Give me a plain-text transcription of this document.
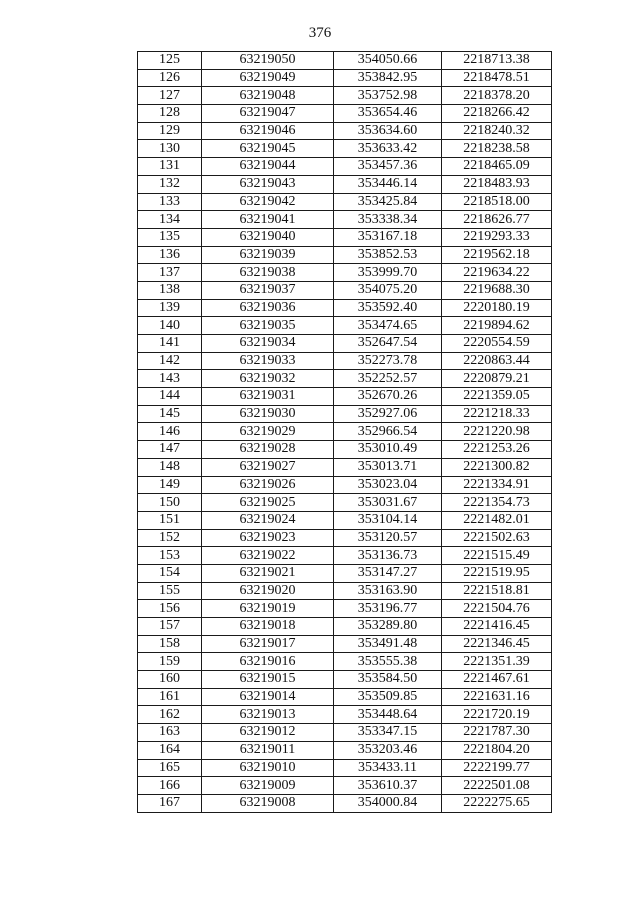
376
125	63219050	354050.66	2218713.38
126	63219049	353842.95	2218478.51
127	63219048	353752.98	2218378.20
128	63219047	353654.46	2218266.42
129	63219046	353634.60	2218240.32
130	63219045	353633.42	2218238.58
131	63219044	353457.36	2218465.09
132	63219043	353446.14	2218483.93
133	63219042	353425.84	2218518.00
134	63219041	353338.34	2218626.77
135	63219040	353167.18	2219293.33
136	63219039	353852.53	2219562.18
137	63219038	353999.70	2219634.22
138	63219037	354075.20	2219688.30
139	63219036	353592.40	2220180.19
140	63219035	353474.65	2219894.62
141	63219034	352647.54	2220554.59
142	63219033	352273.78	2220863.44
143	63219032	352252.57	2220879.21
144	63219031	352670.26	2221359.05
145	63219030	352927.06	2221218.33
146	63219029	352966.54	2221220.98
147	63219028	353010.49	2221253.26
148	63219027	353013.71	2221300.82
149	63219026	353023.04	2221334.91
150	63219025	353031.67	2221354.73
151	63219024	353104.14	2221482.01
152	63219023	353120.57	2221502.63
153	63219022	353136.73	2221515.49
154	63219021	353147.27	2221519.95
155	63219020	353163.90	2221518.81
156	63219019	353196.77	2221504.76
157	63219018	353289.80	2221416.45
158	63219017	353491.48	2221346.45
159	63219016	353555.38	2221351.39
160	63219015	353584.50	2221467.61
161	63219014	353509.85	2221631.16
162	63219013	353448.64	2221720.19
163	63219012	353347.15	2221787.30
164	63219011	353203.46	2221804.20
165	63219010	353433.11	2222199.77
166	63219009	353610.37	2222501.08
167	63219008	354000.84	2222275.65
